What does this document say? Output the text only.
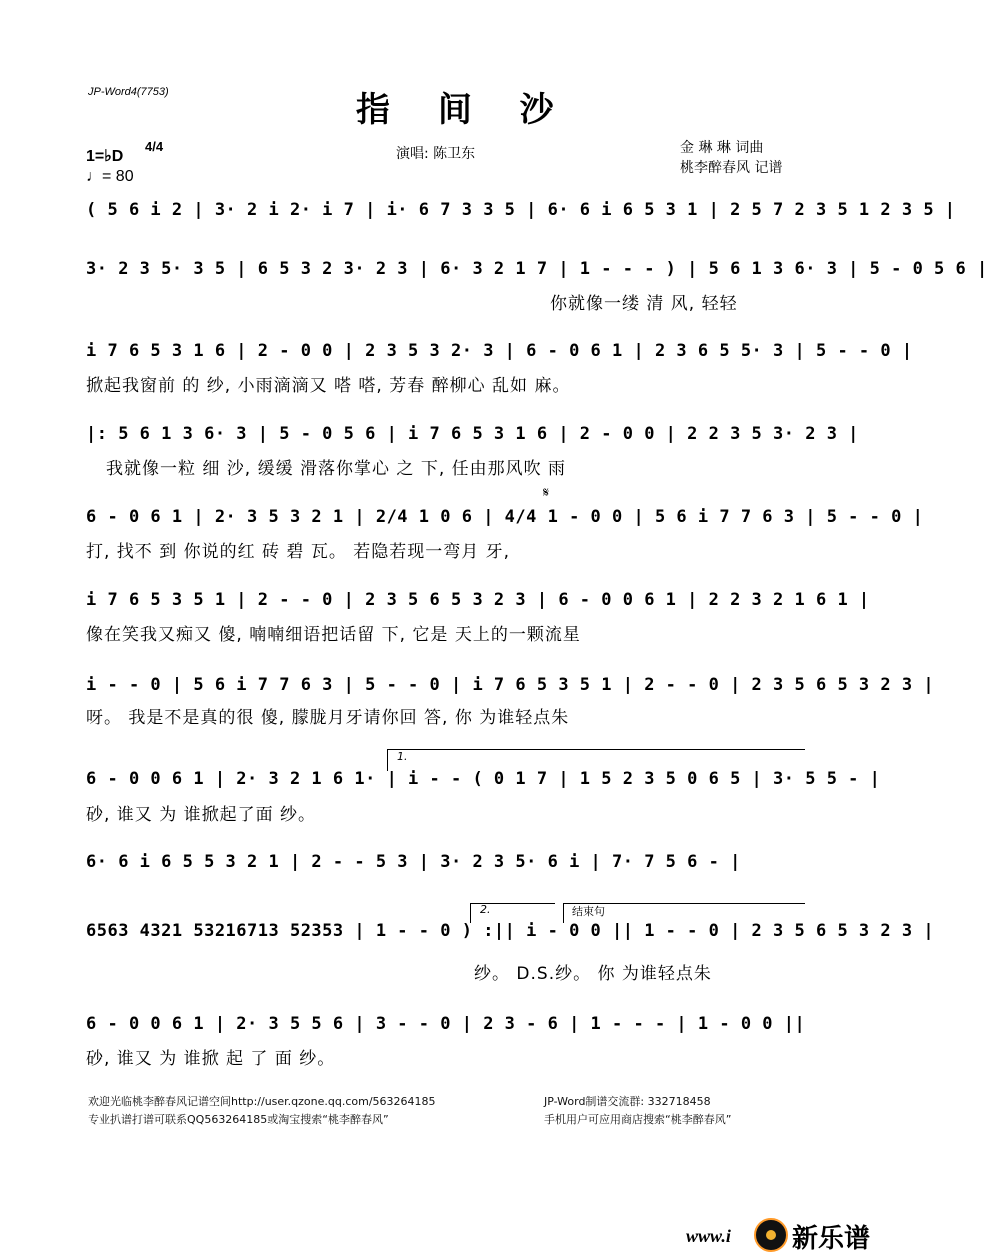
JP-Word4(7753)	指 间 沙
1=♭D
4/4
♩= 80
演唱: 陈卫东	金 琳 琳 词曲
桃李醉春风 记谱
( 5 6 i 2 | 3· 2 i 2· i 7 | i· 6 7 3 3 5 | 6· 6 i 6 5 3 1 | 2 5 7 2 3 5 1 2 3 5 |
3· 2 3 5· 3 5 | 6 5 3 2 3· 2 3 | 6· 3 2 1 7 | 1 - - - ) | 5 6 1 3 6· 3 | 5 - 0 5 6 |
你就像一缕 清 风, 轻轻
i 7 6 5 3 1 6 | 2 - 0 0 | 2 3 5 3 2· 3 | 6 - 0 6 1 | 2 3 6 5 5· 3 | 5 - - 0 |
掀起我窗前 的 纱, 小雨滴滴又 嗒 嗒, 芳春 醉柳心 乱如 麻。
|: 5 6 1 3 6· 3 | 5 - 0 5 6 | i 7 6 5 3 1 6 | 2 - 0 0 | 2 2 3 5 3· 2 3 |
我就像一粒 细 沙, 缓缓 滑落你掌心 之 下, 任由那风吹 雨
𝄋
6 - 0 6 1 | 2· 3 5 3 2 1 | 2/4 1 0 6 | 4/4 1 - 0 0 | 5 6 i 7 7 6 3 | 5 - - 0 |
打, 找不 到 你说的红 砖 碧 瓦。 若隐若现一弯月 牙,
i 7 6 5 3 5 1 | 2 - - 0 | 2 3 5 6 5 3 2 3 | 6 - 0 0 6 1 | 2 2 3 2 1 6 1 |
像在笑我又痴又 傻, 喃喃细语把话留 下, 它是 天上的一颗流星
i - - 0 | 5 6 i 7 7 6 3 | 5 - - 0 | i 7 6 5 3 5 1 | 2 - - 0 | 2 3 5 6 5 3 2 3 |
呀。 我是不是真的很 傻, 朦胧月牙请你回 答, 你 为谁轻点朱
1.
6 - 0 0 6 1 | 2· 3 2 1 6 1· | i - - ( 0 1 7 | 1 5 2 3 5 0 6 5 | 3· 5 5 - |
砂, 谁又 为 谁掀起了面 纱。
6· 6 i 6 5 5 3 2 1 | 2 - - 5 3 | 3· 2 3 5· 6 i | 7· 7 5 6 - |
2.	结束句
6563 4321 53216713 52353 | 1 - - 0 ) :|| i - 0 0 || 1 - - 0 | 2 3 5 6 5 3 2 3 |
纱。 D.S.纱。 你 为谁轻点朱
6 - 0 0 6 1 | 2· 3 5 5 6 | 3 - - 0 | 2 3 - 6 | 1 - - - | 1 - 0 0 ||
砂, 谁又 为 谁掀 起 了 面 纱。
欢迎光临桃李醉春风记谱空间http://user.qzone.qq.com/563264185	JP-Word制谱交流群: 332718458
专业扒谱打谱可联系QQ563264185或淘宝搜索“桃李醉春风”	手机用户可应用商店搜索“桃李醉春风”
www.i 新乐谱
